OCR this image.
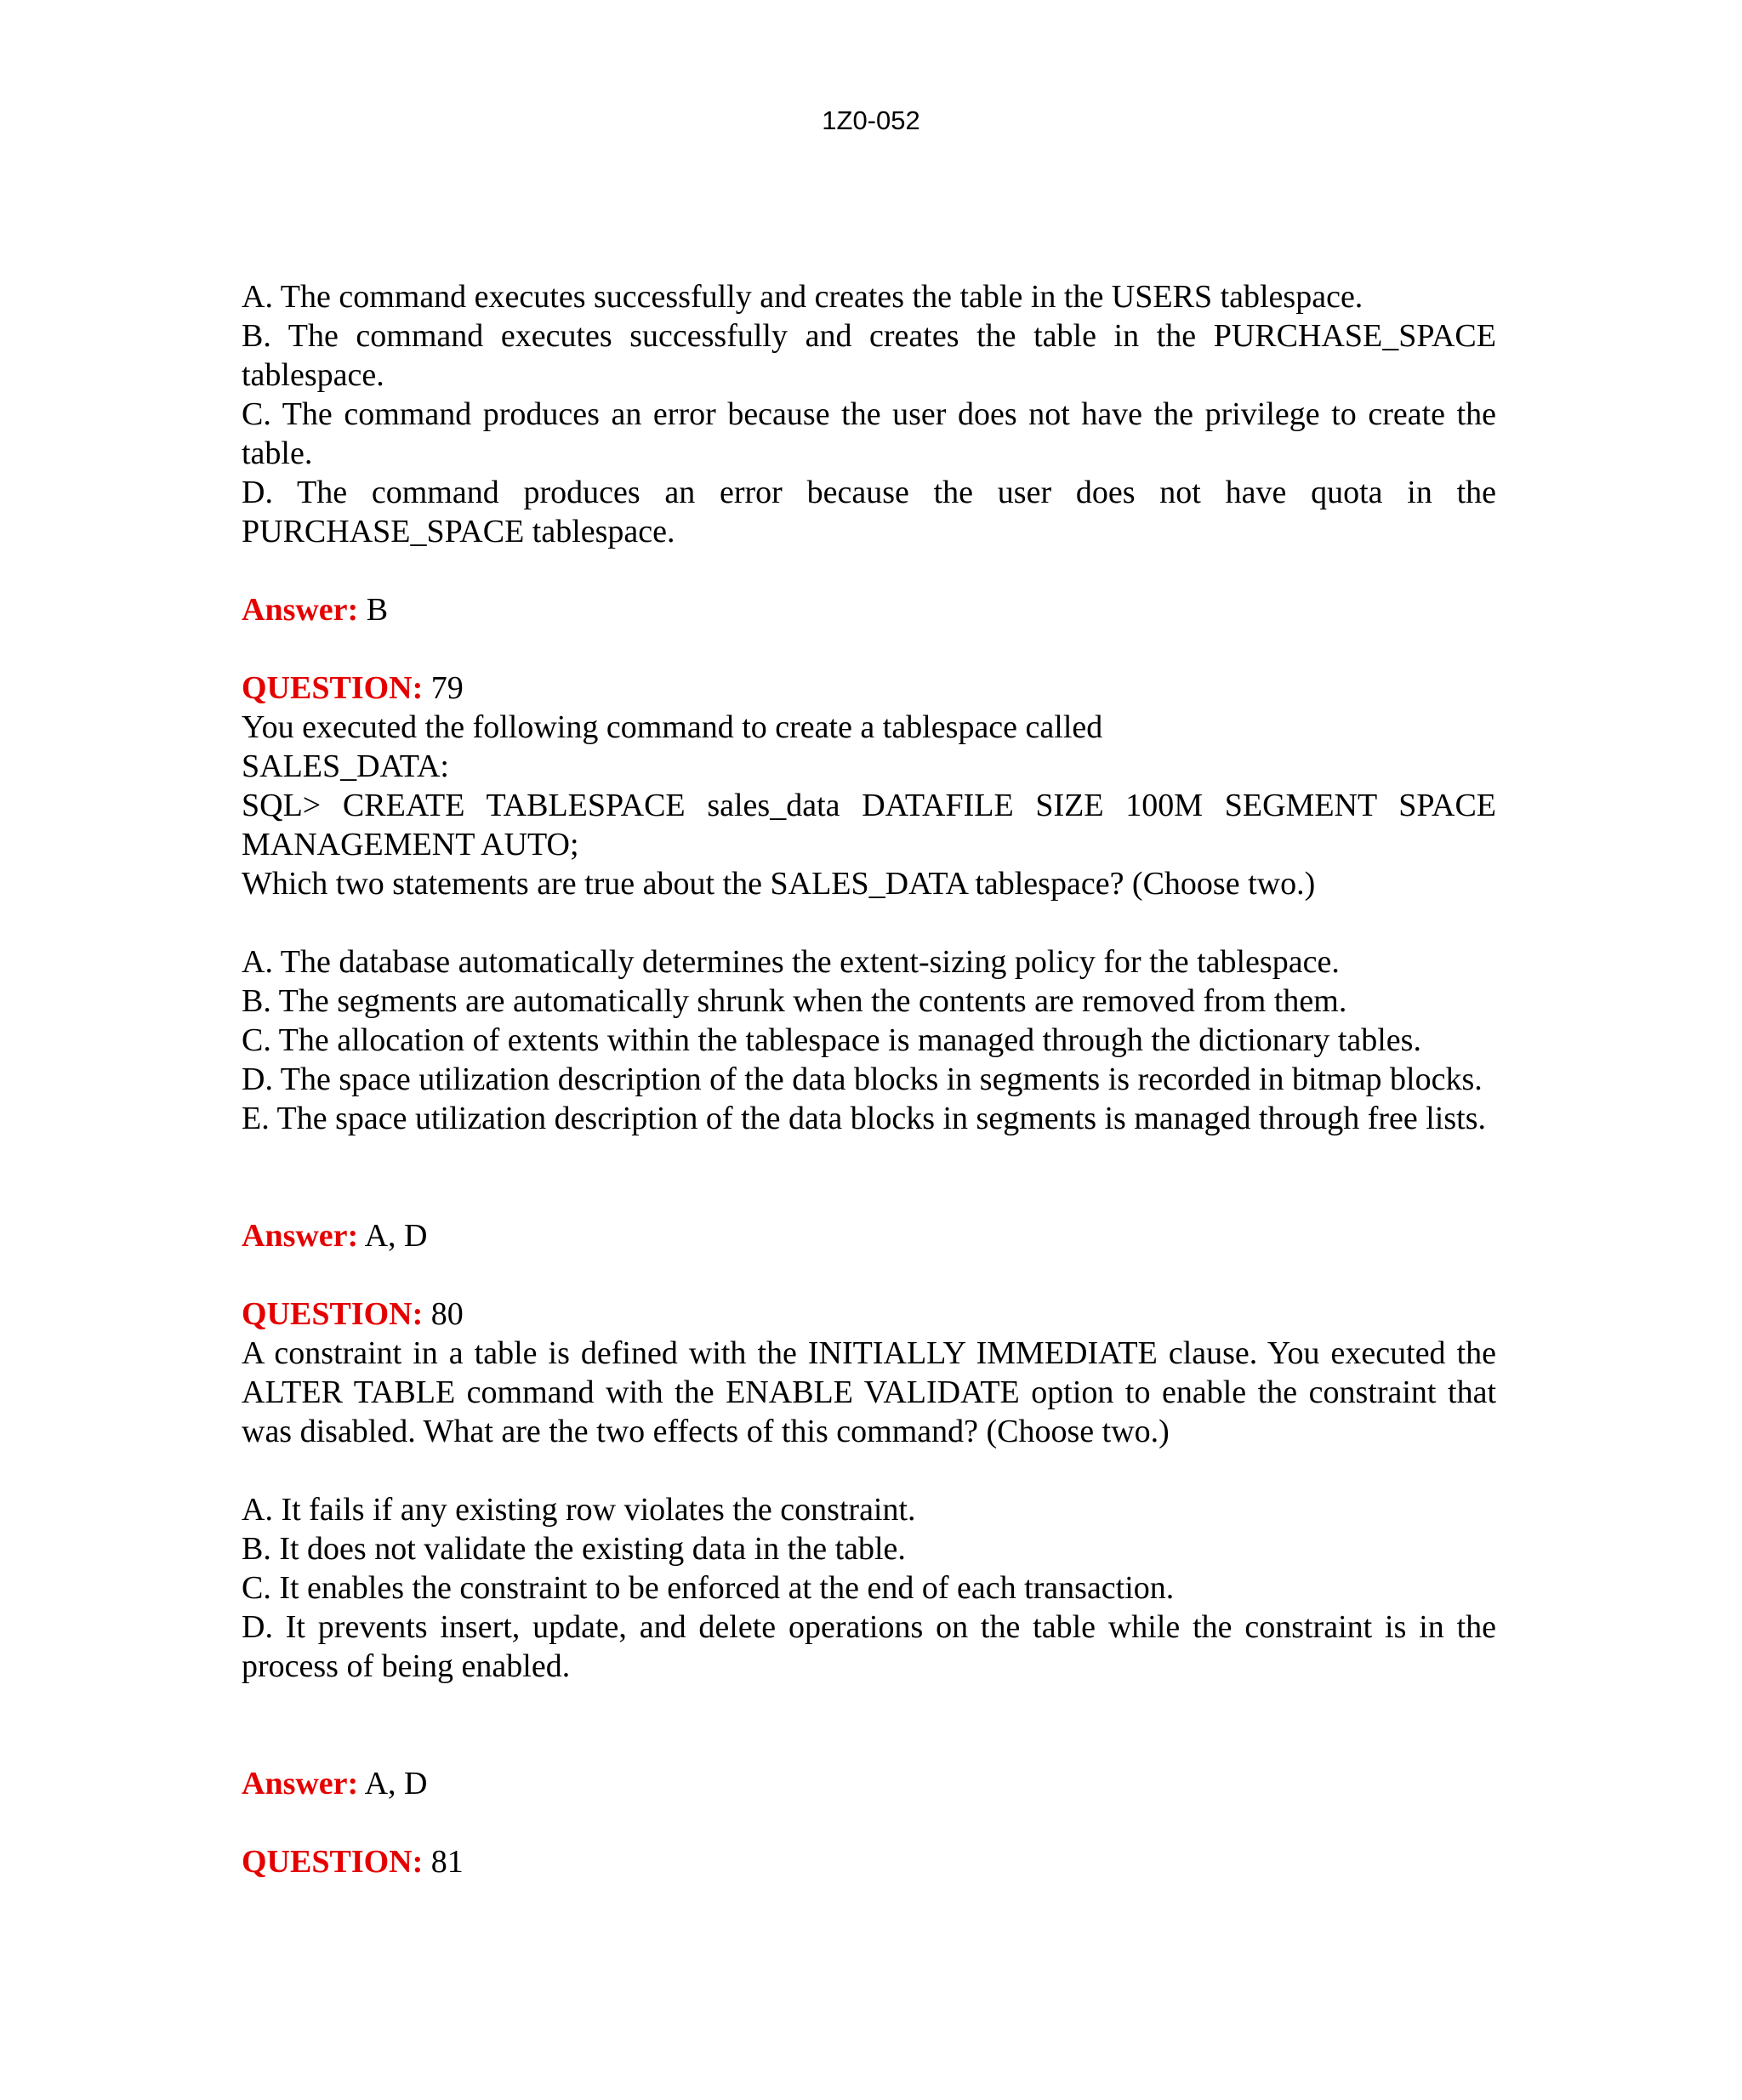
1Z0-052
A. The command executes successfully and creates the table in the USERS tablespace.
B. The command executes successfully and creates the table in the PURCHASE_SPACE tablespace.
C. The command produces an error because the user does not have the privilege to create the table.
D. The command produces an error because the user does not have quota in the PURCHASE_SPACE tablespace.
Answer: B
QUESTION: 79
You executed the following command to create a tablespace called
SALES_DATA:
SQL> CREATE TABLESPACE sales_data DATAFILE SIZE 100M SEGMENT SPACE MANAGEMENT AUTO;
Which two statements are true about the SALES_DATA tablespace? (Choose two.)
A. The database automatically determines the extent-sizing policy for the tablespace.
B. The segments are automatically shrunk when the contents are removed from them.
C. The allocation of extents within the tablespace is managed through the dictionary tables.
D. The space utilization description of the data blocks in segments is recorded in bitmap blocks.
E. The space utilization description of the data blocks in segments is managed through free lists.
Answer: A, D
QUESTION: 80
A constraint in a table is defined with the INITIALLY IMMEDIATE clause. You executed the ALTER TABLE command with the ENABLE VALIDATE option to enable the constraint that was disabled. What are the two effects of this command? (Choose two.)
A. It fails if any existing row violates the constraint.
B. It does not validate the existing data in the table.
C. It enables the constraint to be enforced at the end of each transaction.
D. It prevents insert, update, and delete operations on the table while the constraint is in the process of being enabled.
Answer: A, D
QUESTION: 81
